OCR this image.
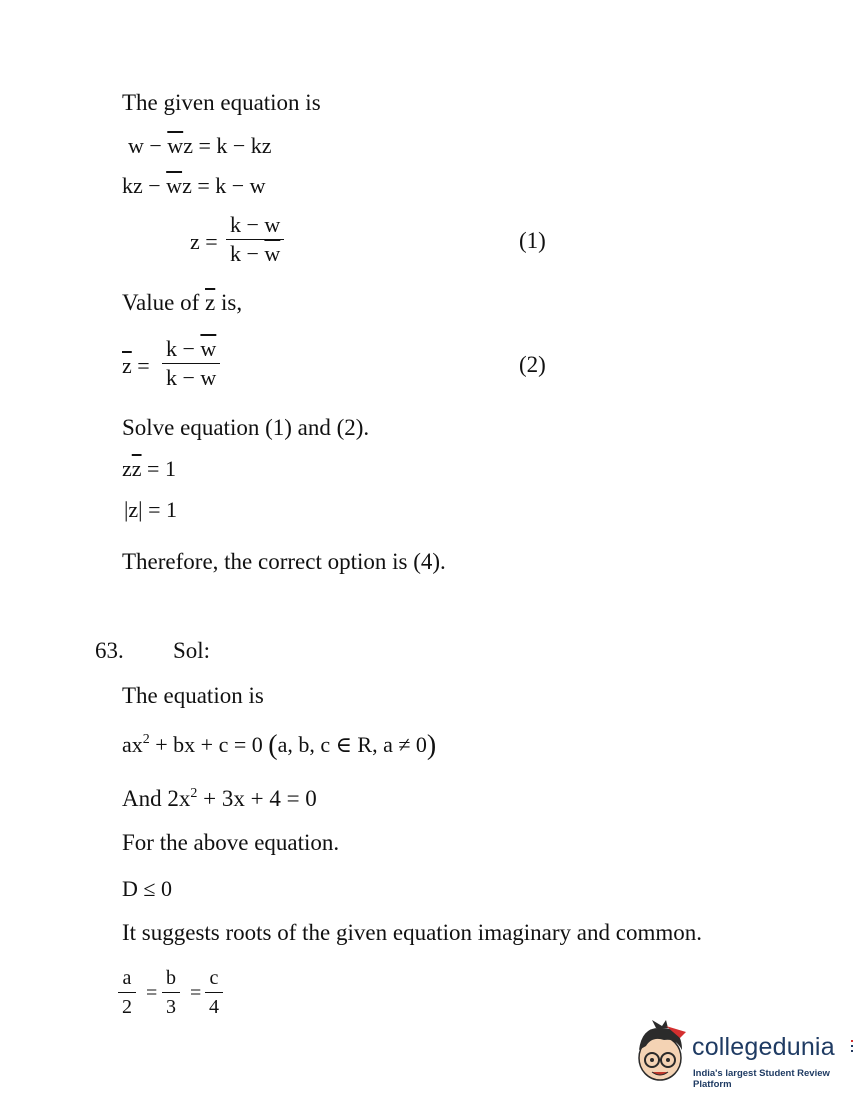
The given equation is
$w - \overline{w}z = k$ − kz
kz − $\overline{w}z = k - w$
z =
k − w
$k - \overline{w}$
(1)
Value of $\overline{z}$ is,
$\overline{z}$ =
$k - \overline{w}$
k − w
(2)
Solve equation (1) and (2).
$z\overline{z} = 1$
|z| = 1
Therefore, the correct option is (4).
63. Sol:
The equation is
$ax^2$ + bx + c = 0 (a, b, c ∈ R, a ≠ 0)
And $2x^2 + 3x + 4 = 0$
For the above equation.
D ≤ 0
It suggests roots of the given equation imaginary and common.
a
2
=
b
3
=
c
4
collegedunia
India's largest Student Review Platform
